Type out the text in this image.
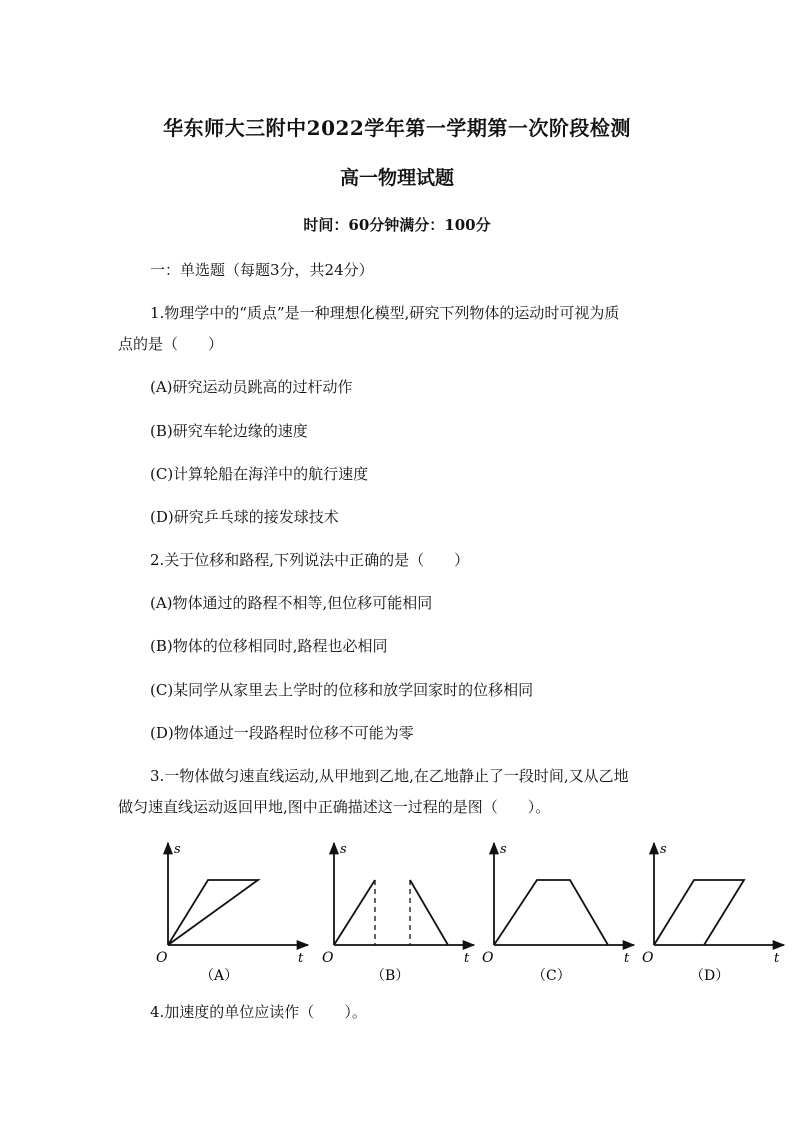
华东师大三附中2022学年第一学期第一次阶段检测
高一物理试题
时间：60分钟满分：100分
一：单选题（每题3分，共24分）
1.物理学中的“质点”是一种理想化模型,研究下列物体的运动时可视为质
点的是（　　）
(A)研究运动员跳高的过杆动作
(B)研究车轮边缘的速度
(C)计算轮船在海洋中的航行速度
(D)研究乒乓球的接发球技术
2.关于位移和路程,下列说法中正确的是（　　）
(A)物体通过的路程不相等,但位移可能相同
(B)物体的位移相同时,路程也必相同
(C)某同学从家里去上学时的位移和放学回家时的位移相同
(D)物体通过一段路程时位移不可能为零
3.一物体做匀速直线运动,从甲地到乙地,在乙地静止了一段时间,又从乙地
做匀速直线运动返回甲地,图中正确描述这一过程的是图（　　）。
s
O	t
（A）
s
O	t
（B）
s
O	t
（C）
s
O	t
（D）
4.加速度的单位应读作（　　）。
